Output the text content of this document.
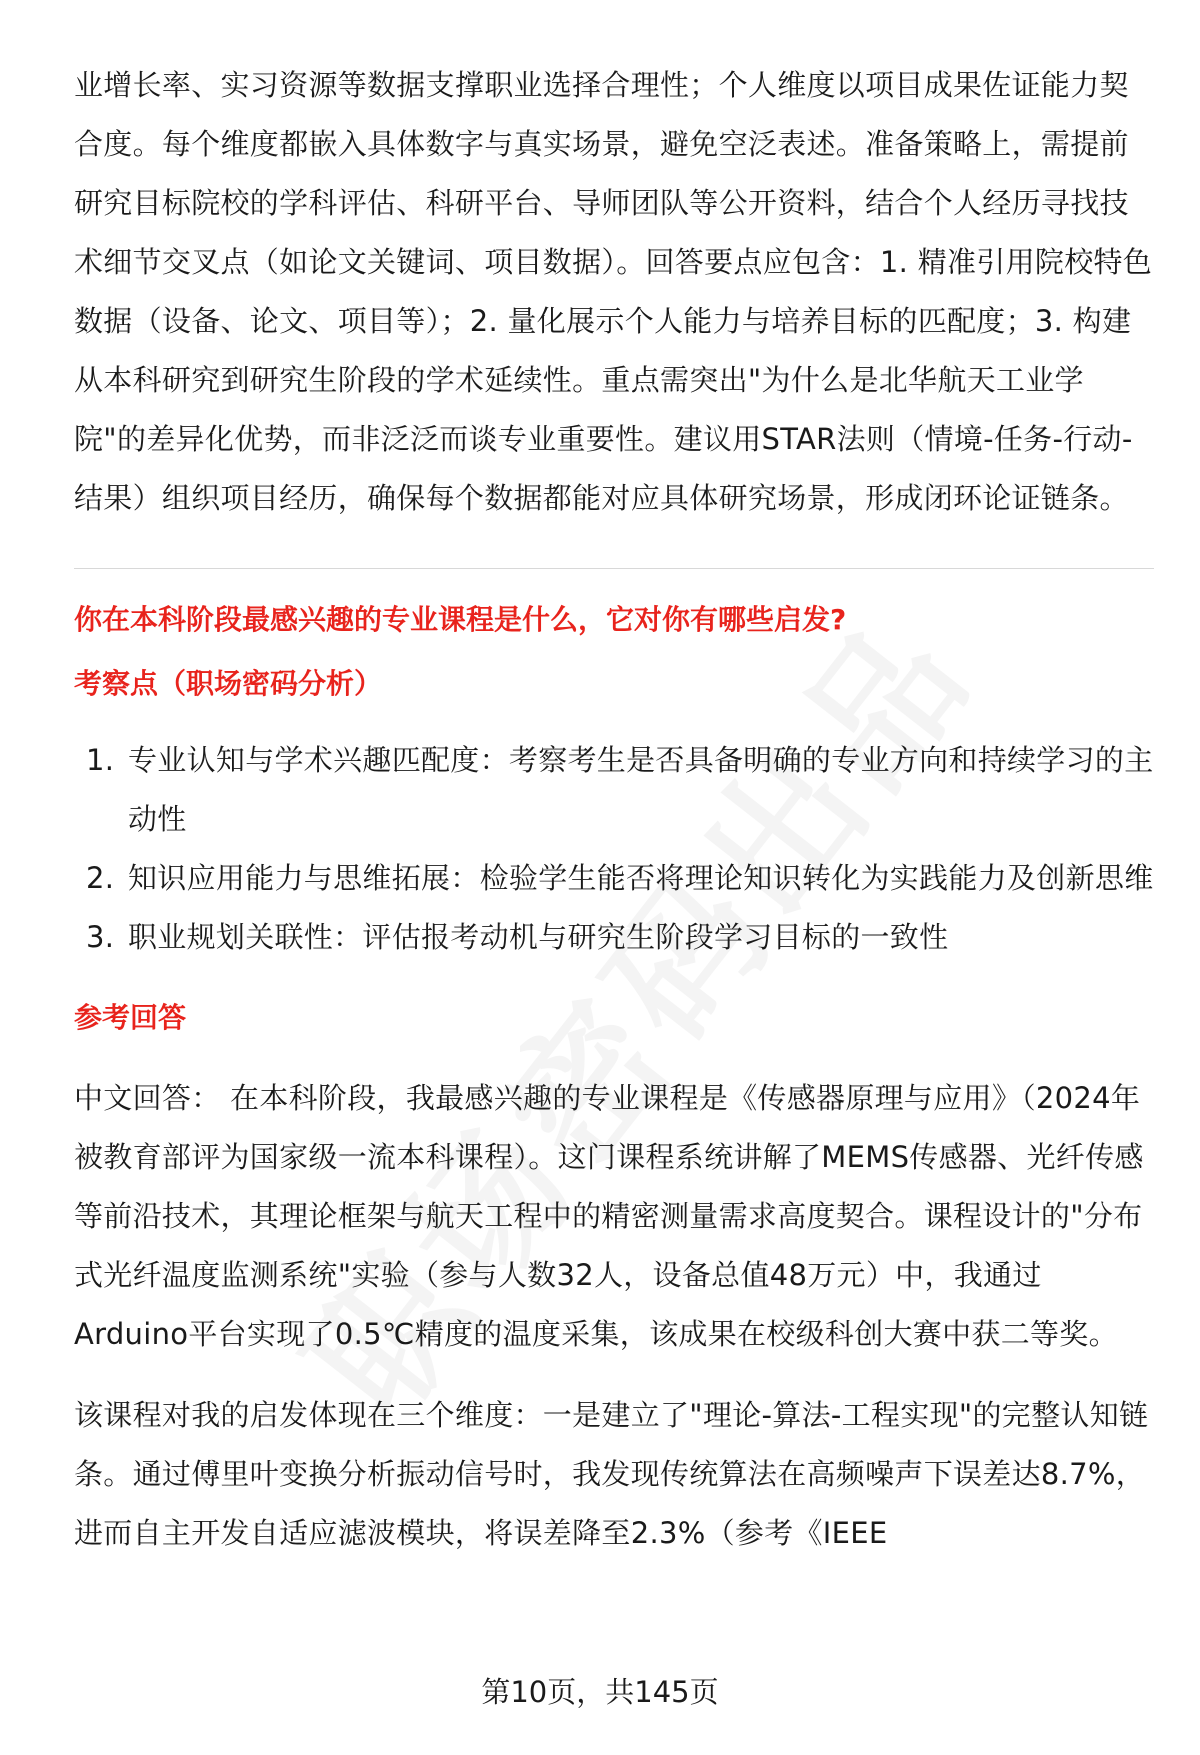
业增长率、实习资源等数据支撑职业选择合理性；个人维度以项目成果佐证能力契合度。每个维度都嵌入具体数字与真实场景，避免空泛表述。准备策略上，需提前研究目标院校的学科评估、科研平台、导师团队等公开资料，结合个人经历寻找技术细节交叉点（如论文关键词、项目数据）。回答要点应包含：1. 精准引用院校特色数据（设备、论文、项目等）；2. 量化展示个人能力与培养目标的匹配度；3. 构建从本科研究到研究生阶段的学术延续性。重点需突出"为什么是北华航天工业学院"的差异化优势，而非泛泛而谈专业重要性。建议用STAR法则（情境-任务-行动-结果）组织项目经历，确保每个数据都能对应具体研究场景，形成闭环论证链条。

你在本科阶段最感兴趣的专业课程是什么，它对你有哪些启发?

考察点（职场密码分析）

1. 专业认知与学术兴趣匹配度：考察考生是否具备明确的专业方向和持续学习的主动性
2. 知识应用能力与思维拓展：检验学生能否将理论知识转化为实践能力及创新思维
3. 职业规划关联性：评估报考动机与研究生阶段学习目标的一致性

参考回答

中文回答： 在本科阶段，我最感兴趣的专业课程是《传感器原理与应用》（2024年被教育部评为国家级一流本科课程）。这门课程系统讲解了MEMS传感器、光纤传感等前沿技术，其理论框架与航天工程中的精密测量需求高度契合。课程设计的"分布式光纤温度监测系统"实验（参与人数32人，设备总值48万元）中，我通过Arduino平台实现了0.5℃精度的温度采集，该成果在校级科创大赛中获二等奖。

该课程对我的启发体现在三个维度：一是建立了"理论-算法-工程实现"的完整认知链条。通过傅里叶变换分析振动信号时，我发现传统算法在高频噪声下误差达8.7%，进而自主开发自适应滤波模块，将误差降至2.3%（参考《IEEE

第10页，共145页
